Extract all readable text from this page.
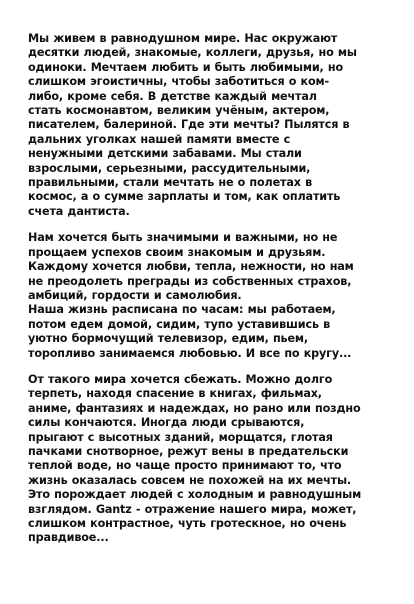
Мы живем в равнодушном мире. Нас окружают
десятки людей, знакомые, коллеги, друзья, но мы
одиноки. Мечтаем любить и быть любимыми, но
слишком эгоистичны, чтобы заботиться о ком-
либо, кроме себя. В детстве каждый мечтал
стать космонавтом, великим учёным, актером,
писателем, балериной. Где эти мечты? Пылятся в
дальних уголках нашей памяти вместе с
ненужными детскими забавами. Мы стали
взрослыми, серьезными, рассудительными,
правильными, стали мечтать не о полетах в
космос, а о сумме зарплаты и том, как оплатить
счета дантиста.

Нам хочется быть значимыми и важными, но не
прощаем успехов своим знакомым и друзьям.
Каждому хочется любви, тепла, нежности, но нам
не преодолеть преграды из собственных страхов,
амбиций, гордости и самолюбия.
Наша жизнь расписана по часам: мы работаем,
потом едем домой, сидим, тупо уставившись в
уютно бормочущий телевизор, едим, пьем,
торопливо занимаемся любовью. И все по кругу...

От такого мира хочется сбежать. Можно долго
терпеть, находя спасение в книгах, фильмах,
аниме, фантазиях и надеждах, но рано или поздно
силы кончаются. Иногда люди срываются,
прыгают с высотных зданий, морщатся, глотая
пачками снотворное, режут вены в предательски
теплой воде, но чаще просто принимают то, что
жизнь оказалась совсем не похожей на их мечты.
Это порождает людей с холодным и равнодушным
взглядом. Gantz - отражение нашего мира, может,
слишком контрастное, чуть гротескное, но очень
правдивое...
